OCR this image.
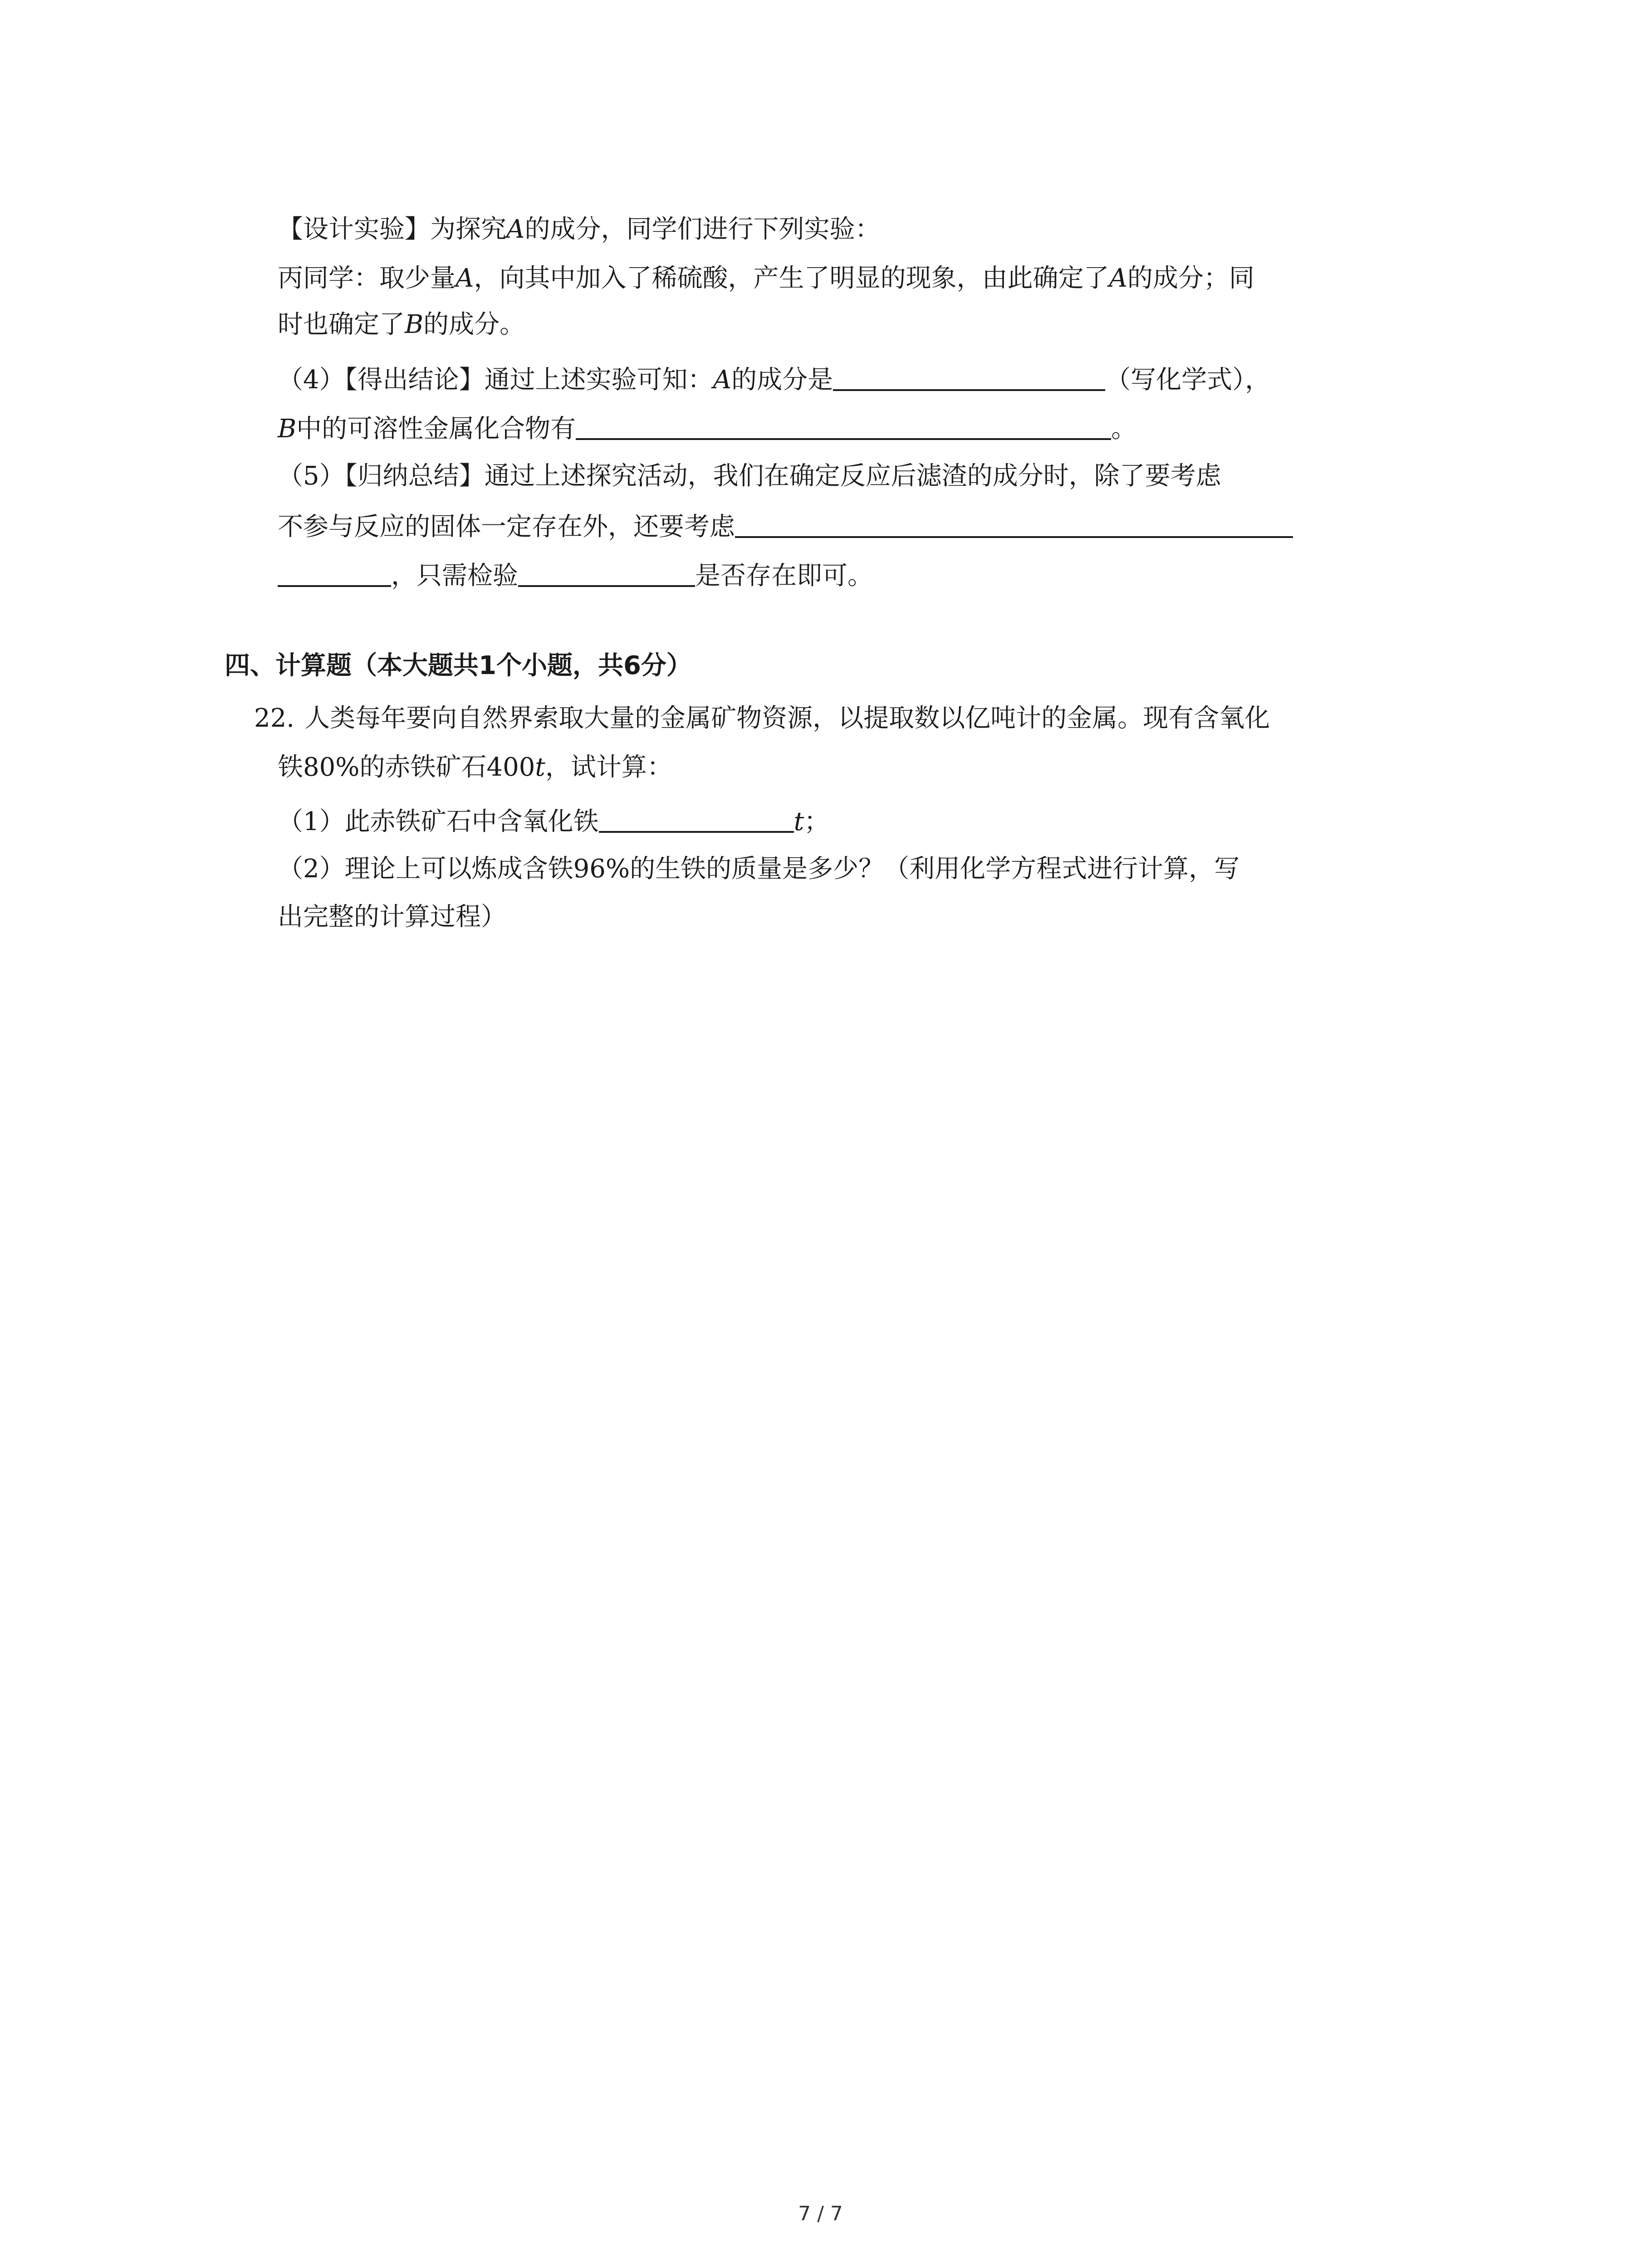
【设计实验】为探究A的成分，同学们进行下列实验：
丙同学：取少量A，向其中加入了稀硫酸，产生了明显的现象，由此确定了A的成分；同
时也确定了B的成分。
（4）【得出结论】通过上述实验可知：A的成分是	（写化学式），
B中的可溶性金属化合物有	。
（5）【归纳总结】通过上述探究活动，我们在确定反应后滤渣的成分时，除了要考虑
不参与反应的固体一定存在外，还要考虑
，只需检验	是否存在即可。
四、计算题（本大题共1个小题，共6分）
22. 人类每年要向自然界索取大量的金属矿物资源，以提取数以亿吨计的金属。现有含氧化
铁80%的赤铁矿石400t，试计算：
（1）此赤铁矿石中含氧化铁	t；
（2）理论上可以炼成含铁96%的生铁的质量是多少？（利用化学方程式进行计算，写
出完整的计算过程）
7 / 7
